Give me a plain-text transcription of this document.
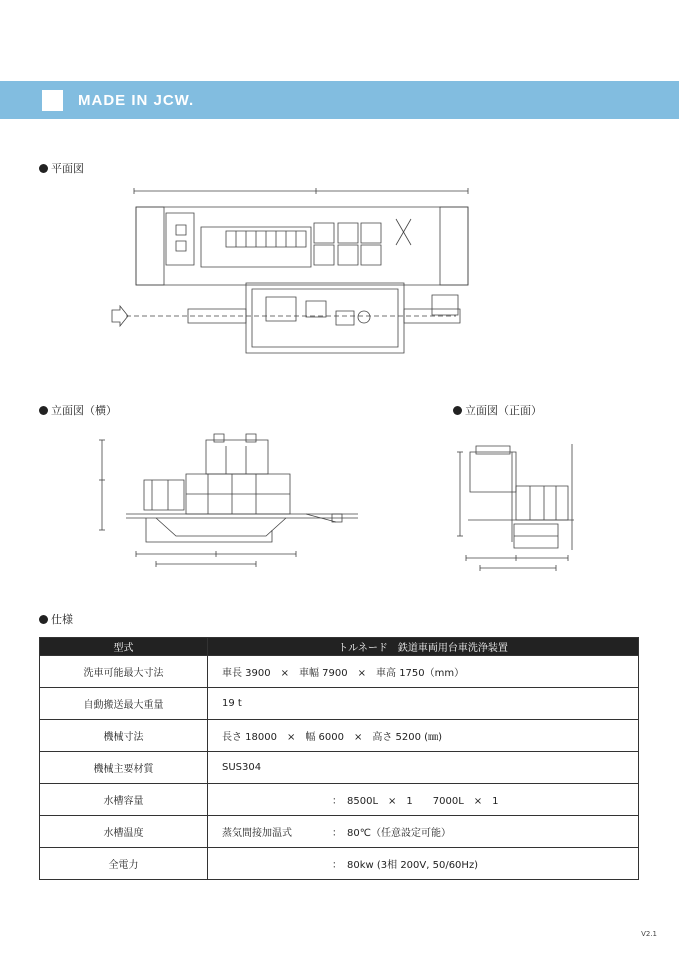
MADE IN JCW.
平面図
立面図（横）	立面図（正面）
仕様
型式	トルネード　鉄道車両用台車洗浄装置
洗車可能最大寸法	車長 3900　×　車幅 7900　×　車高 1750（mm）
自動搬送最大重量	19 t
機械寸法	長さ 18000　×　幅 6000　×　高さ 5200 (㎜)
機械主要材質	SUS304
水槽容量	：　8500L　×　1　　7000L　×　1
水槽温度	蒸気間接加温式 ：　80℃（任意設定可能）
全電力	：　80kw (3相 200V, 50/60Hz)
V2.1
